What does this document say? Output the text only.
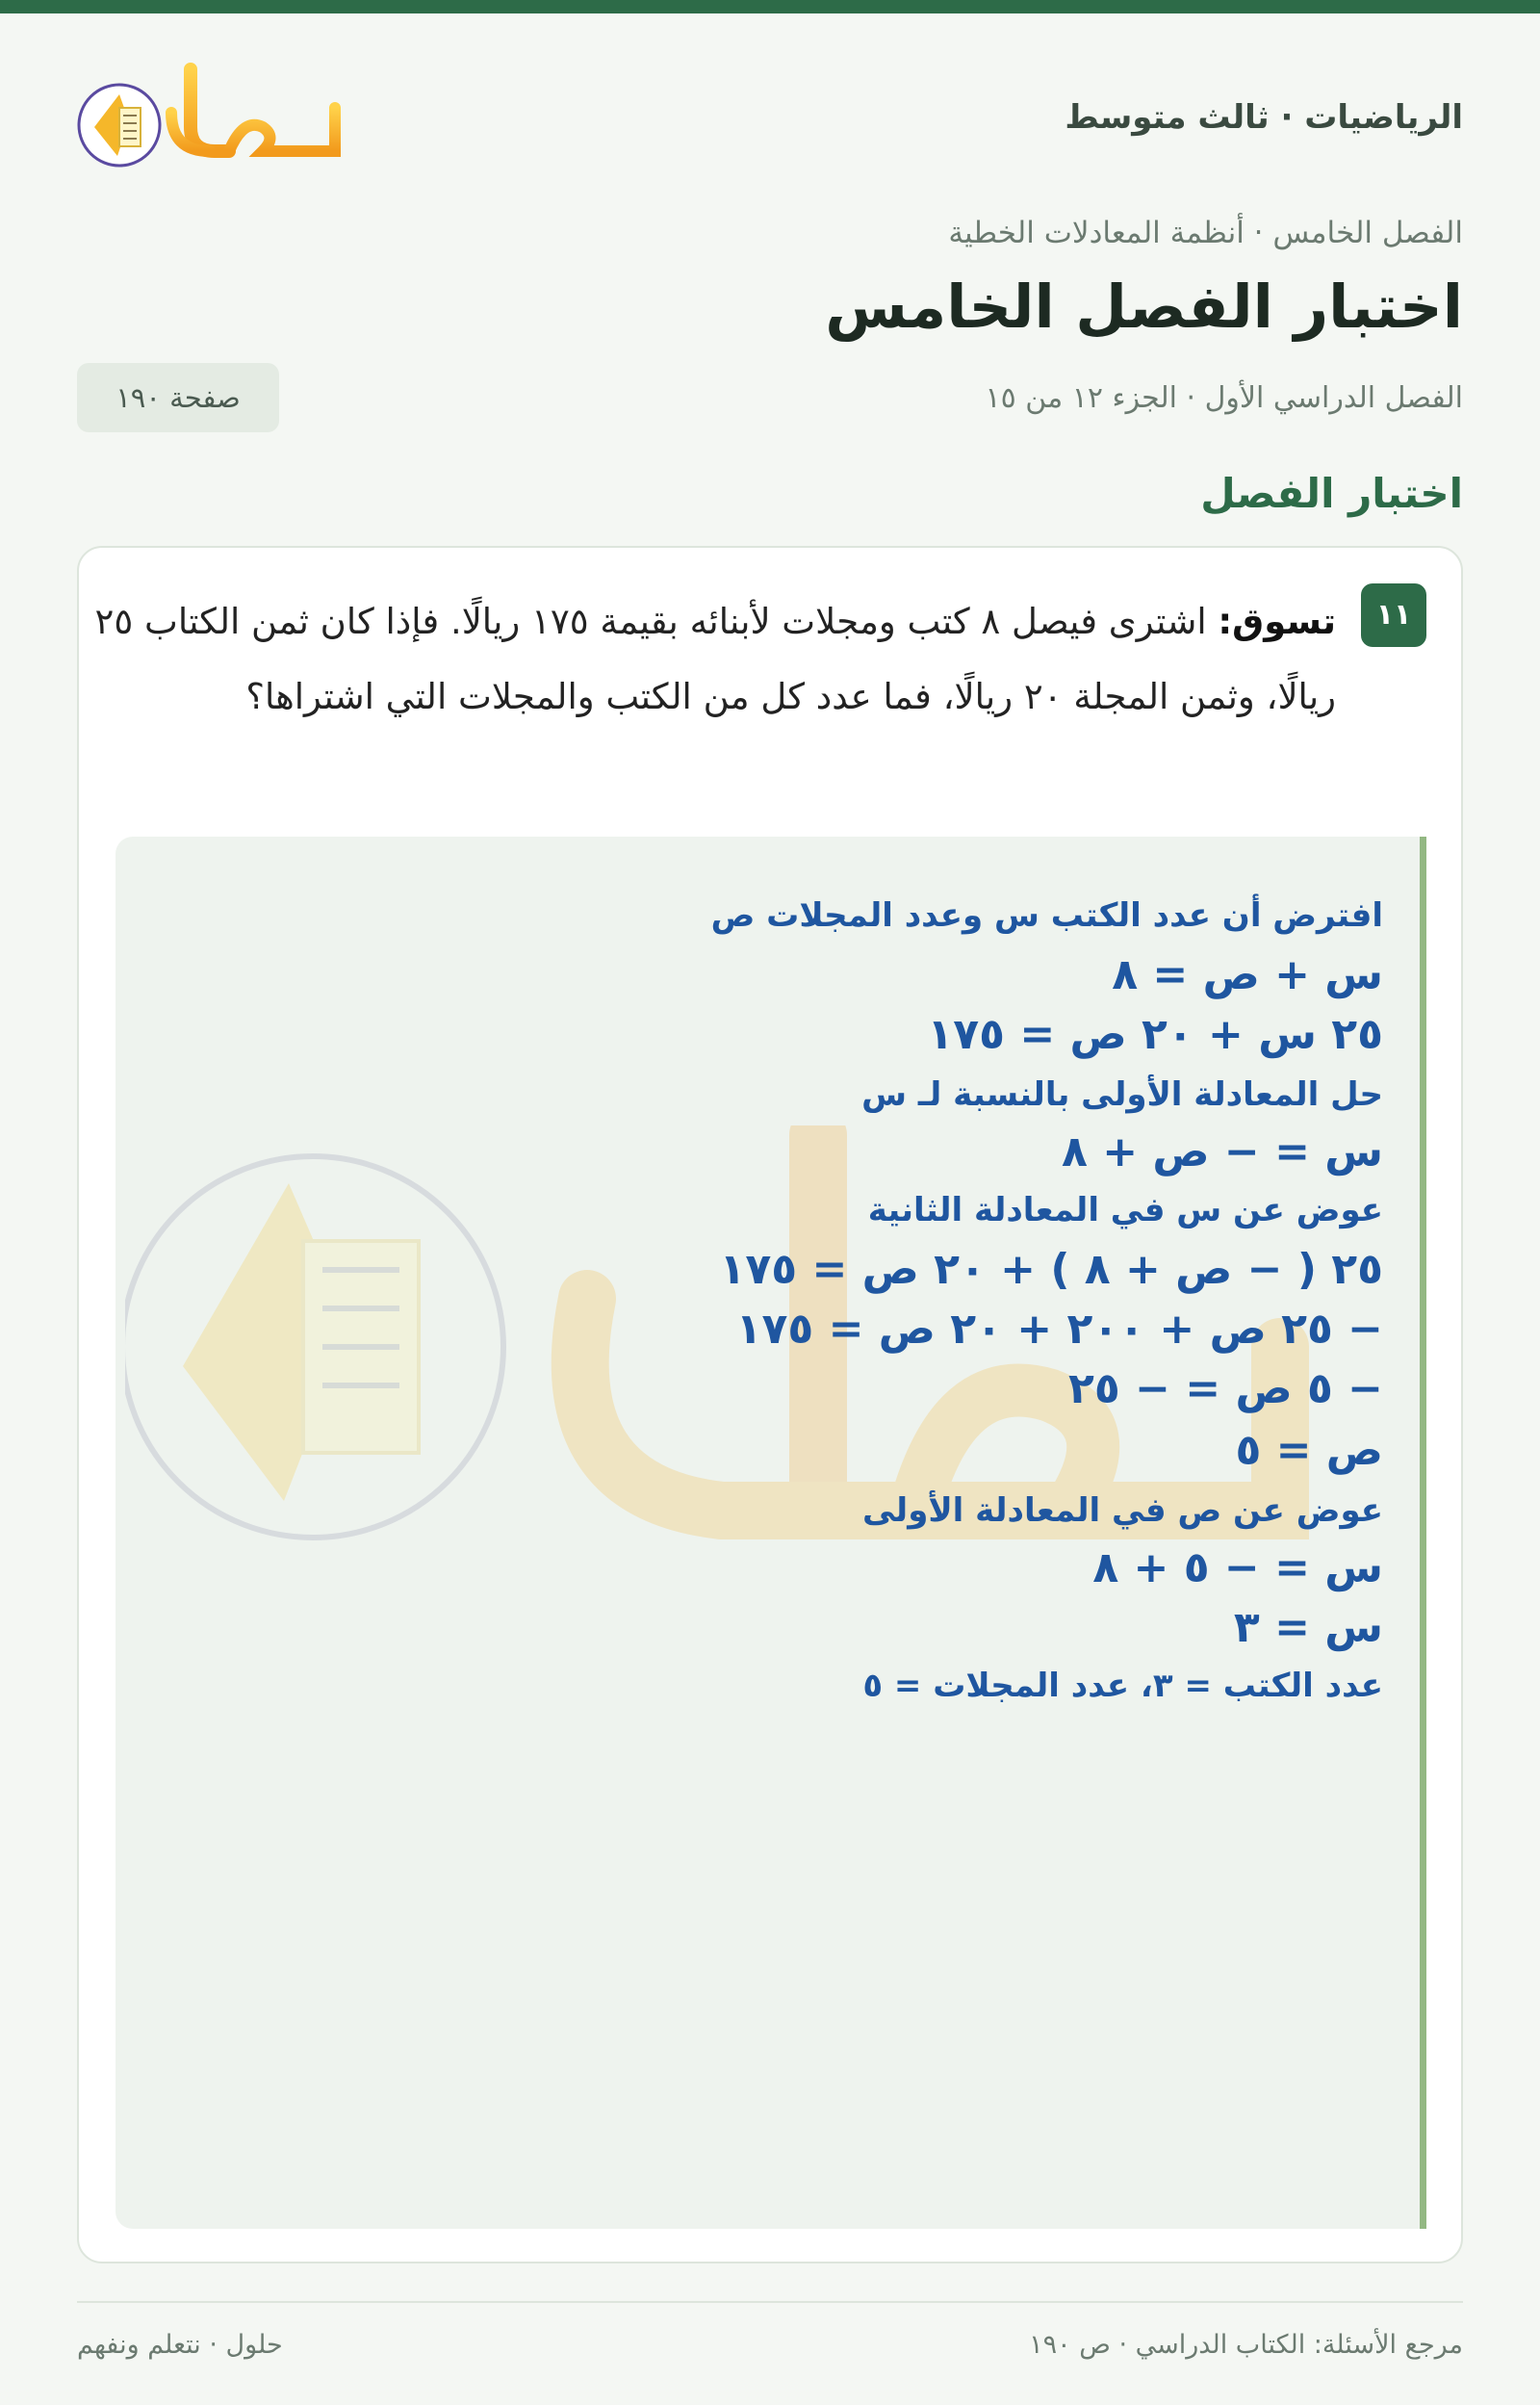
الرياضيات · ثالث متوسط
الفصل الخامس · أنظمة المعادلات الخطية
اختبار الفصل الخامس
الفصل الدراسي الأول · الجزء ١٢ من ١٥
صفحة ١٩٠
اختبار الفصل
١١
تسوق: اشترى فيصل ٨ كتب ومجلات لأبنائه بقيمة ١٧٥ ريالًا. فإذا كان ثمن الكتاب ٢٥ ريالًا، وثمن المجلة ٢٠ ريالًا، فما عدد كل من الكتب والمجلات التي اشتراها؟
افترض أن عدد الكتب س وعدد المجلات ص
س + ص = ٨
٢٥ س + ٢٠ ص = ١٧٥
حل المعادلة الأولى بالنسبة لـ س
س = − ص + ٨
عوض عن س في المعادلة الثانية
٢٥ ( − ص + ٨ ) + ٢٠ ص = ١٧٥
− ٢٥ ص + ٢٠٠ + ٢٠ ص = ١٧٥
− ٥ ص = − ٢٥
ص = ٥
عوض عن ص في المعادلة الأولى
س = − ٥ + ٨
س = ٣
عدد الكتب = ٣، عدد المجلات = ٥
مرجع الأسئلة: الكتاب الدراسي · ص ١٩٠
حلول · نتعلم ونفهم
